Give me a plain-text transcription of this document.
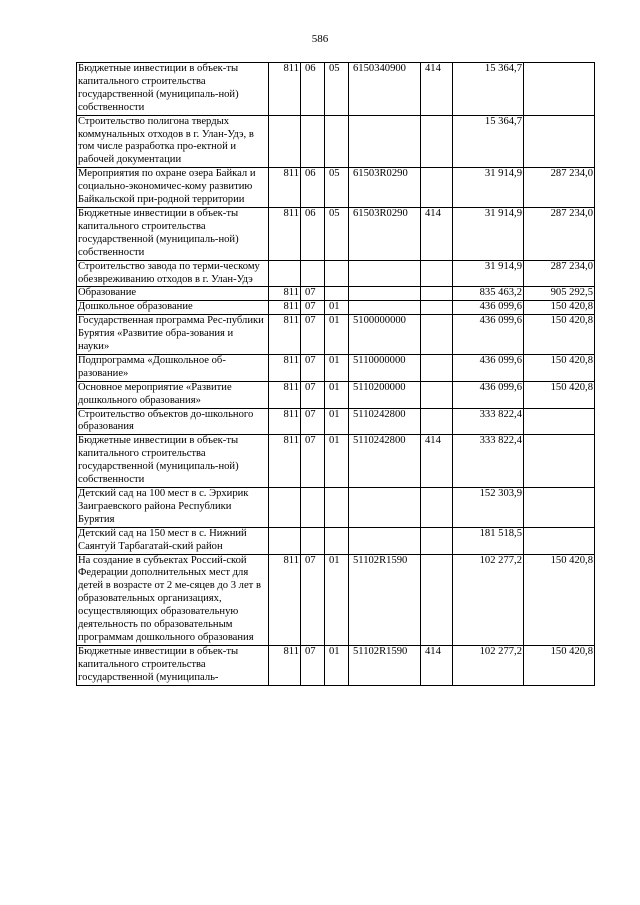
586
Бюджетные инвестиции в объек-ты капитального строительства государственной (муниципаль-ной) собственности	811	06	05	6150340900	414	15 364,7	
Строительство полигона твердых коммунальных отходов в г. Улан-Удэ, в том числе разработка про-ектной и рабочей документации						15 364,7	
Мероприятия по охране озера Байкал и социально-экономичес-кому развитию Байкальской при-родной территории	811	06	05	61503R0290		31 914,9	287 234,0
Бюджетные инвестиции в объек-ты капитального строительства государственной (муниципаль-ной) собственности	811	06	05	61503R0290	414	31 914,9	287 234,0
Строительство завода по терми-ческому обезвреживанию отходов в г. Улан-Удэ						31 914,9	287 234,0
Образование	811	07				835 463,2	905 292,5
Дошкольное образование	811	07	01			436 099,6	150 420,8
Государственная программа Рес-публики Бурятия «Развитие обра-зования и науки»	811	07	01	5100000000		436 099,6	150 420,8
Подпрограмма «Дошкольное об-разование»	811	07	01	5110000000		436 099,6	150 420,8
Основное мероприятие «Развитие дошкольного образования»	811	07	01	5110200000		436 099,6	150 420,8
Строительство объектов до-школьного образования	811	07	01	5110242800		333 822,4	
Бюджетные инвестиции в объек-ты капитального строительства государственной (муниципаль-ной) собственности	811	07	01	5110242800	414	333 822,4	
Детский сад на 100 мест в с. Эрхирик Заиграевского района Республики Бурятия						152 303,9	
Детский сад на 150 мест в с. Нижний Саянтуй Тарбагатай-ский район						181 518,5	
На создание в субъектах Россий-ской Федерации дополнительных мест для детей в возрасте от 2 ме-сяцев до 3 лет в образовательных организациях, осуществляющих образовательную деятельность по образовательным программам дошкольного образования	811	07	01	51102R1590		102 277,2	150 420,8
Бюджетные инвестиции в объек-ты капитального строительства государственной (муниципаль-	811	07	01	51102R1590	414	102 277,2	150 420,8
